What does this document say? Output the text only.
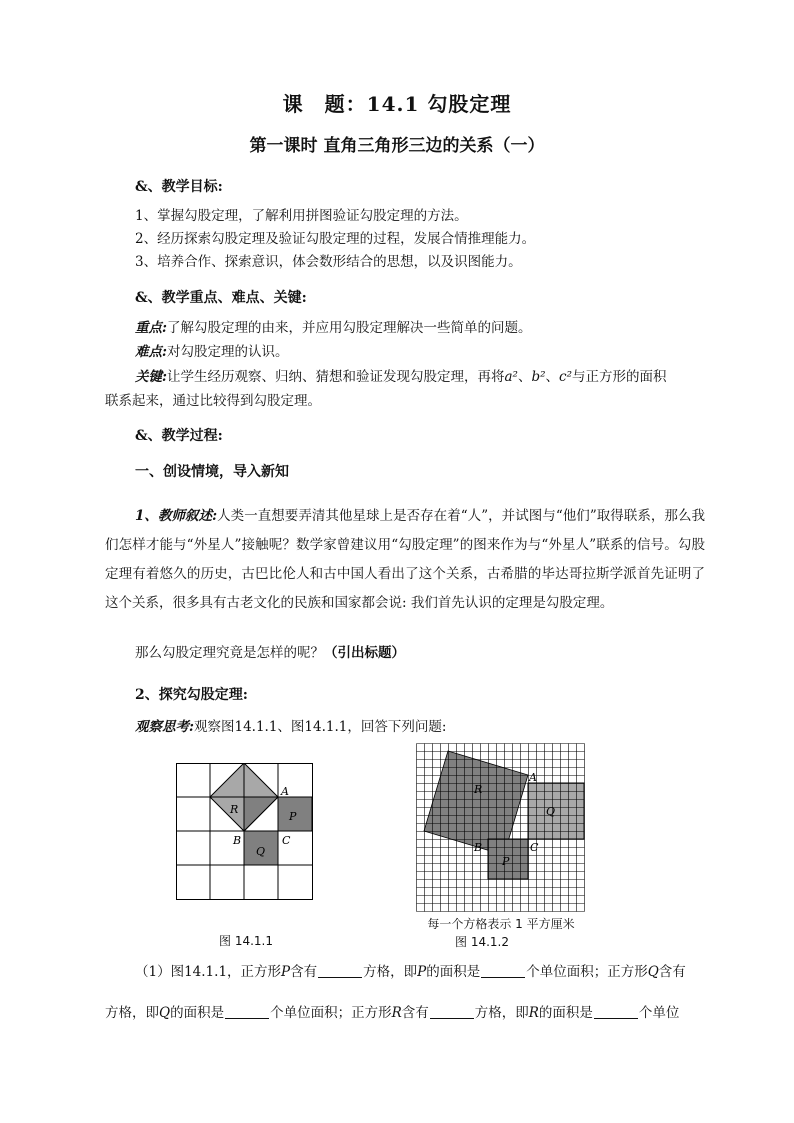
课　题：14.1 勾股定理
第一课时 直角三角形三边的关系（一）
&、教学目标:
1、掌握勾股定理，了解利用拼图验证勾股定理的方法。
2、经历探索勾股定理及验证勾股定理的过程，发展合情推理能力。
3、培养合作、探索意识，体会数形结合的思想，以及识图能力。
&、教学重点、难点、关键:
重点:了解勾股定理的由来，并应用勾股定理解决一些简单的问题。
难点:对勾股定理的认识。
关键:让学生经历观察、归纳、猜想和验证发现勾股定理，再将a²、b²、c²与正方形的面积
联系起来，通过比较得到勾股定理。
&、教学过程:
一、创设情境，导入新知
1、教师叙述:人类一直想要弄清其他星球上是否存在着“人”，并试图与“他们”取得联系，那么我们怎样才能与“外星人”接触呢？数学家曾建议用“勾股定理”的图来作为与“外星人”联系的信号。勾股定理有着悠久的历史，古巴比伦人和古中国人看出了这个关系，古希腊的毕达哥拉斯学派首先证明了这个关系，很多具有古老文化的民族和国家都会说: 我们首先认识的定理是勾股定理。
那么勾股定理究竟是怎样的呢？（引出标题）
2、探究勾股定理:
观察思考:观察图14.1.1、图14.1.1，回答下列问题:
R
A
P
B	C
Q
图 14.1.1
R
A
Q
B	C
P
每一个方格表示 1 平方厘米
图 14.1.2
（1）图14.1.1，正方形P含有	方格，即P的面积是	个单位面积；正方形Q含有
方格，即Q的面积是	个单位面积；正方形R含有	方格，即R的面积是	个单位
